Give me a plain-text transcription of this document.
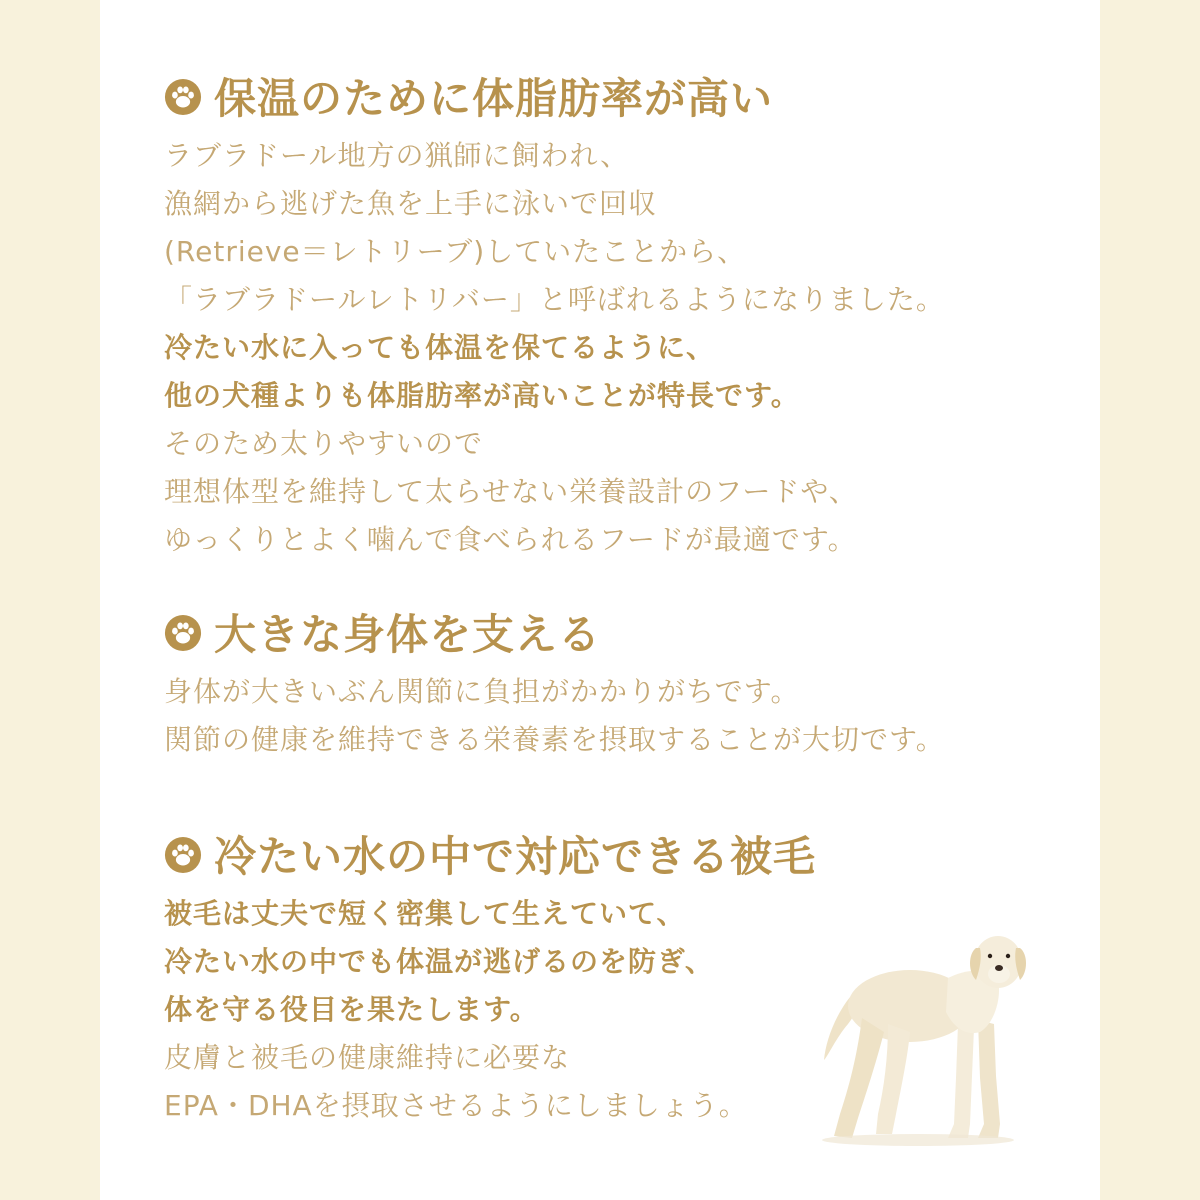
保温のために体脂肪率が高い
ラブラドール地方の猟師に飼われ、
漁網から逃げた魚を上手に泳いで回収
(Retrieve＝レトリーブ)していたことから、
「ラブラドールレトリバー」と呼ばれるようになりました。
冷たい水に入っても体温を保てるように、
他の犬種よりも体脂肪率が高いことが特長です。
そのため太りやすいので
理想体型を維持して太らせない栄養設計のフードや、
ゆっくりとよく噛んで食べられるフードが最適です。
大きな身体を支える
身体が大きいぶん関節に負担がかかりがちです。
関節の健康を維持できる栄養素を摂取することが大切です。
冷たい水の中で対応できる被毛
被毛は丈夫で短く密集して生えていて、
冷たい水の中でも体温が逃げるのを防ぎ、
体を守る役目を果たします。
皮膚と被毛の健康維持に必要な
EPA・DHAを摂取させるようにしましょう。
